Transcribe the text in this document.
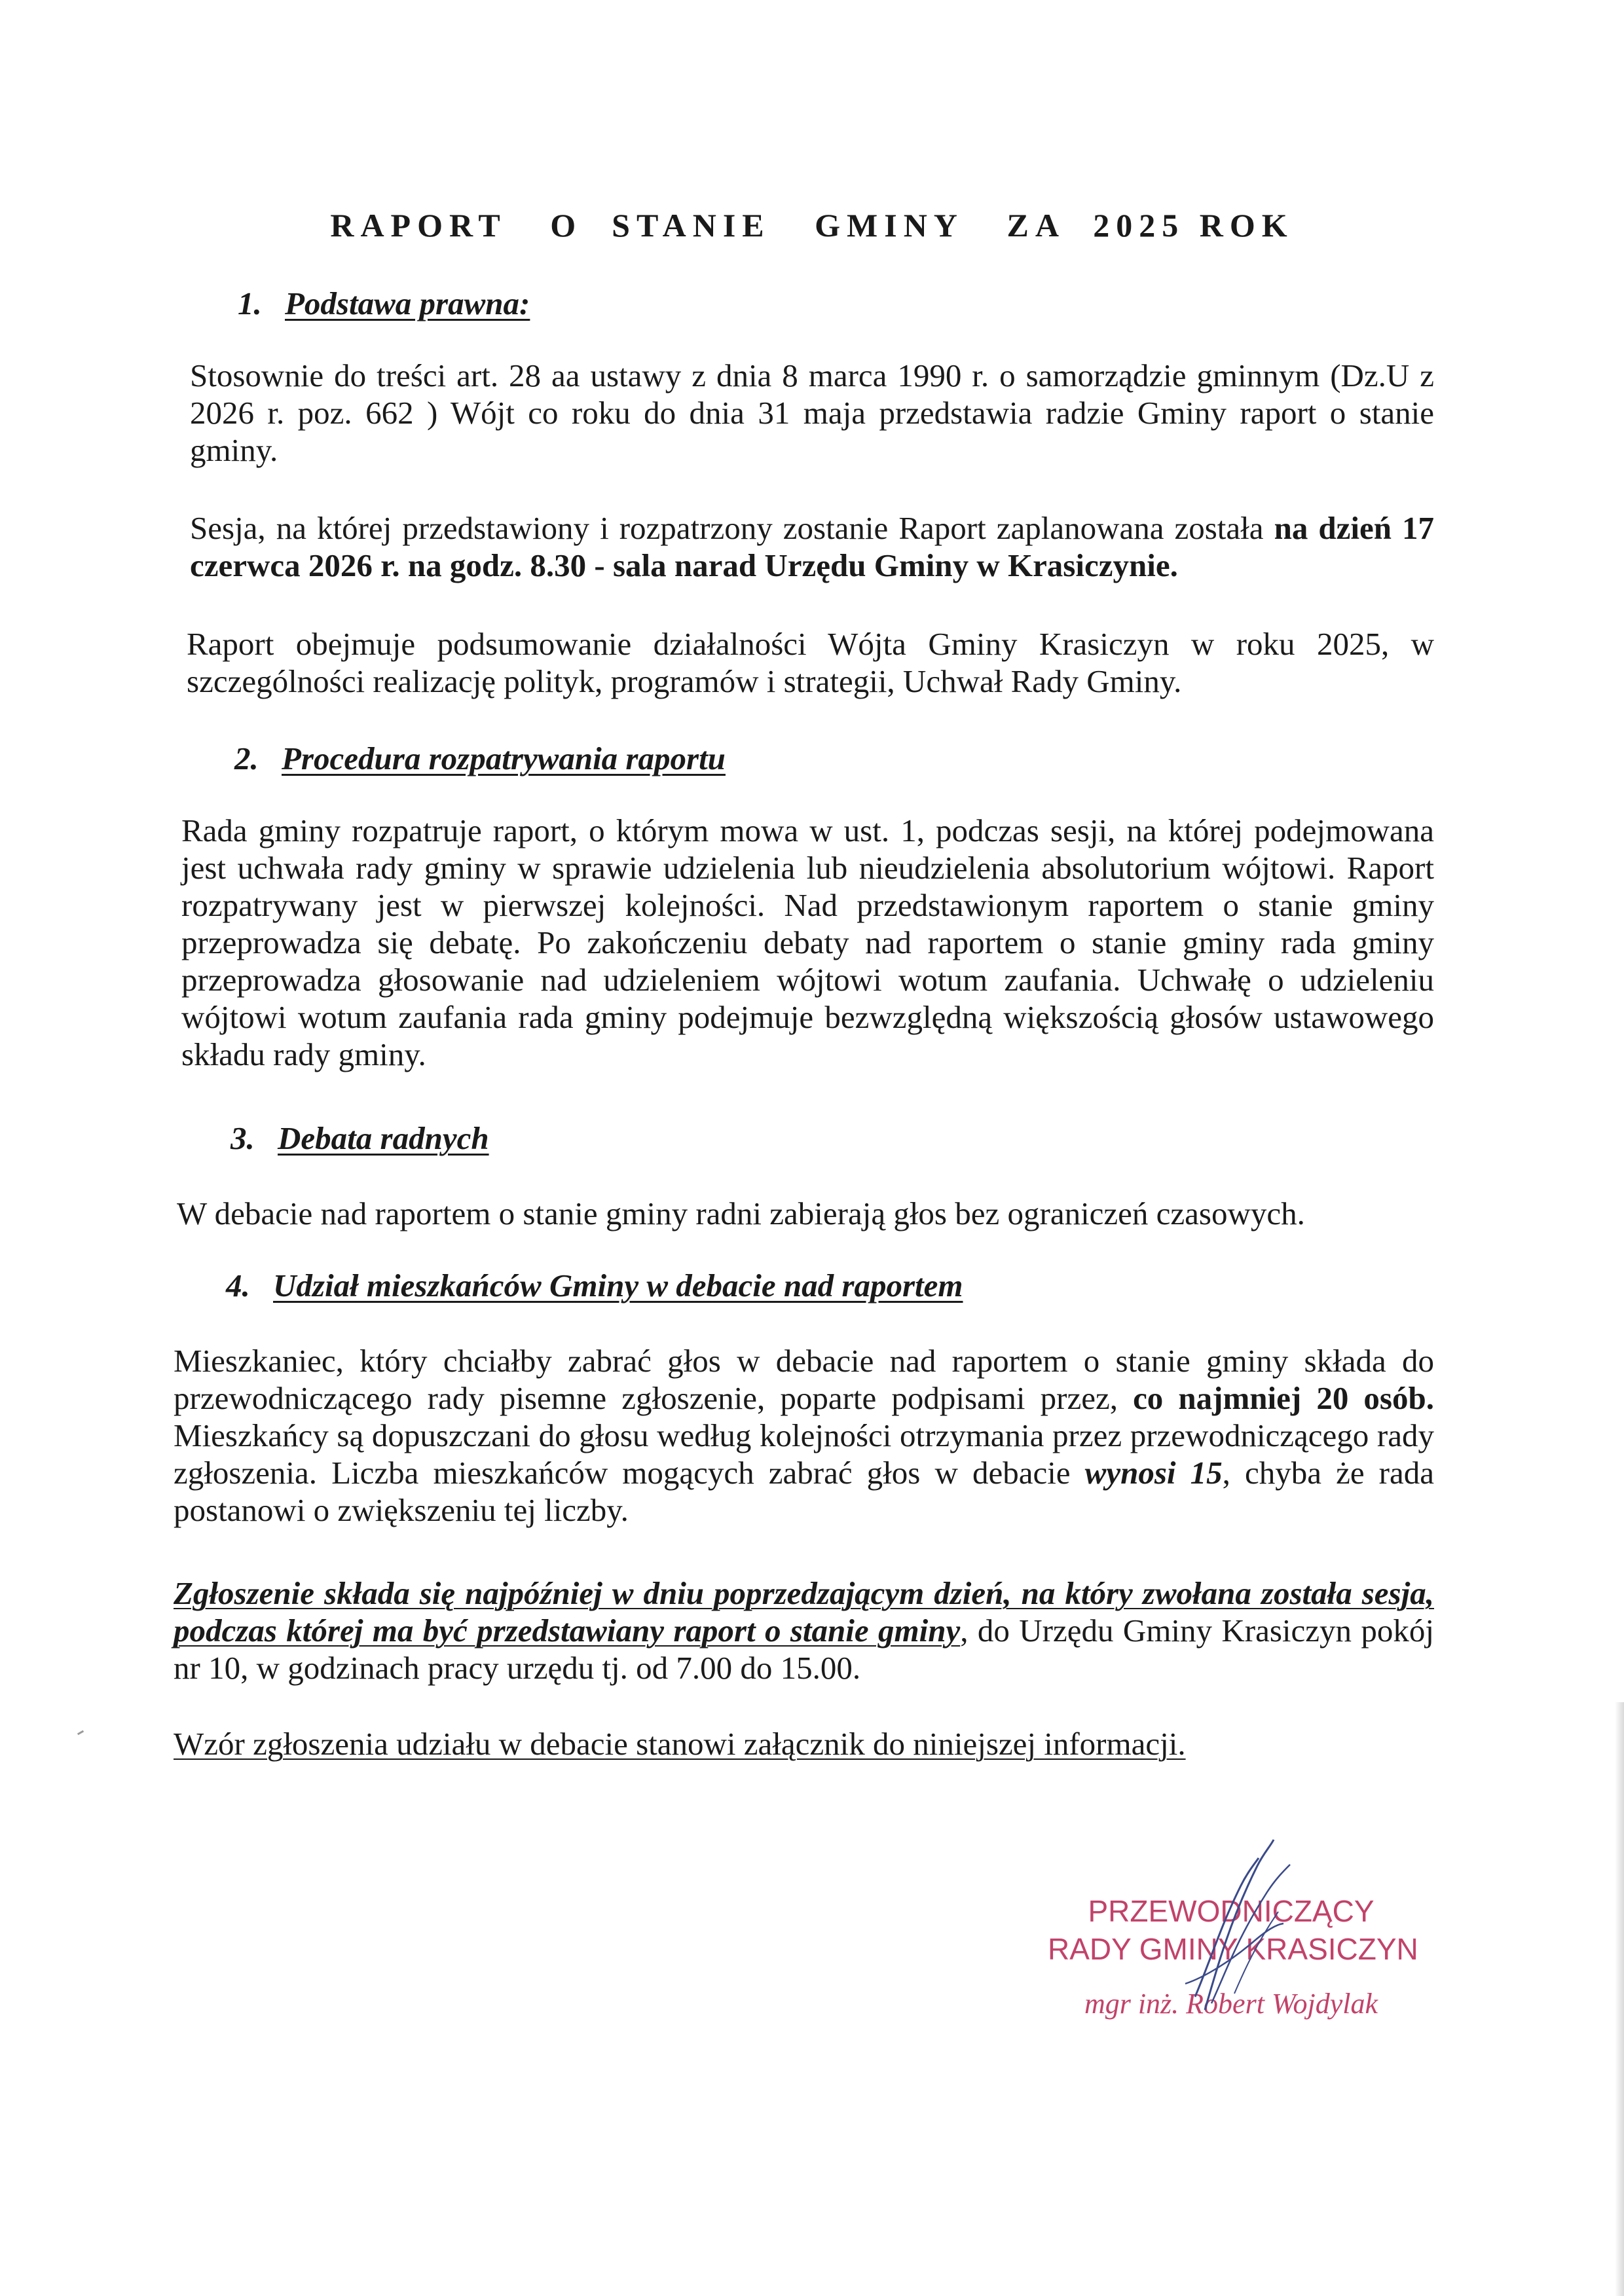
RAPORT   O  STANIE   GMINY   ZA  2025 ROK
1. Podstawa prawna:

Stosownie do treści art. 28 aa ustawy z dnia 8 marca 1990 r. o samorządzie gminnym (Dz.U z 2026 r. poz. 662 ) Wójt co roku do dnia 31 maja przedstawia radzie Gminy raport o stanie gminy.

Sesja, na której przedstawiony i rozpatrzony zostanie Raport zaplanowana została na dzień 17 czerwca 2026 r. na godz. 8.30 - sala narad Urzędu Gminy w Krasiczynie.

Raport obejmuje podsumowanie działalności Wójta Gminy Krasiczyn w roku 2025, w szczególności realizację polityk, programów i strategii, Uchwał Rady Gminy.

2. Procedura rozpatrywania raportu

Rada gminy rozpatruje raport, o którym mowa w ust. 1, podczas sesji, na której podejmowana jest uchwała rady gminy w sprawie udzielenia lub nieudzielenia absolutorium wójtowi. Raport rozpatrywany jest w pierwszej kolejności. Nad przedstawionym raportem o stanie gminy przeprowadza się debatę. Po zakończeniu debaty nad raportem o stanie gminy rada gminy przeprowadza głosowanie nad udzieleniem wójtowi wotum zaufania. Uchwałę o udzieleniu wójtowi wotum zaufania rada gminy podejmuje bezwzględną większością głosów ustawowego składu rady gminy.

3. Debata radnych

W debacie nad raportem o stanie gminy radni zabierają głos bez ograniczeń czasowych.

4. Udział mieszkańców Gminy w debacie nad raportem

Mieszkaniec, który chciałby zabrać głos w debacie nad raportem o stanie gminy składa do przewodniczącego rady pisemne zgłoszenie, poparte podpisami przez, co najmniej 20 osób. Mieszkańcy są dopuszczani do głosu według kolejności otrzymania przez przewodniczącego rady zgłoszenia. Liczba mieszkańców mogących zabrać głos w debacie wynosi 15, chyba że rada postanowi o zwiększeniu tej liczby.

Zgłoszenie składa się najpóźniej w dniu poprzedzającym dzień, na który zwołana została sesja, podczas której ma być przedstawiany raport o stanie gminy, do Urzędu Gminy Krasiczyn pokój nr 10, w godzinach pracy urzędu tj. od 7.00 do 15.00.

Wzór zgłoszenia udziału w debacie stanowi załącznik do niniejszej informacji.

PRZEWODNICZĄCY
RADY GMINY KRASICZYN
mgr inż. Robert Wojdylak
